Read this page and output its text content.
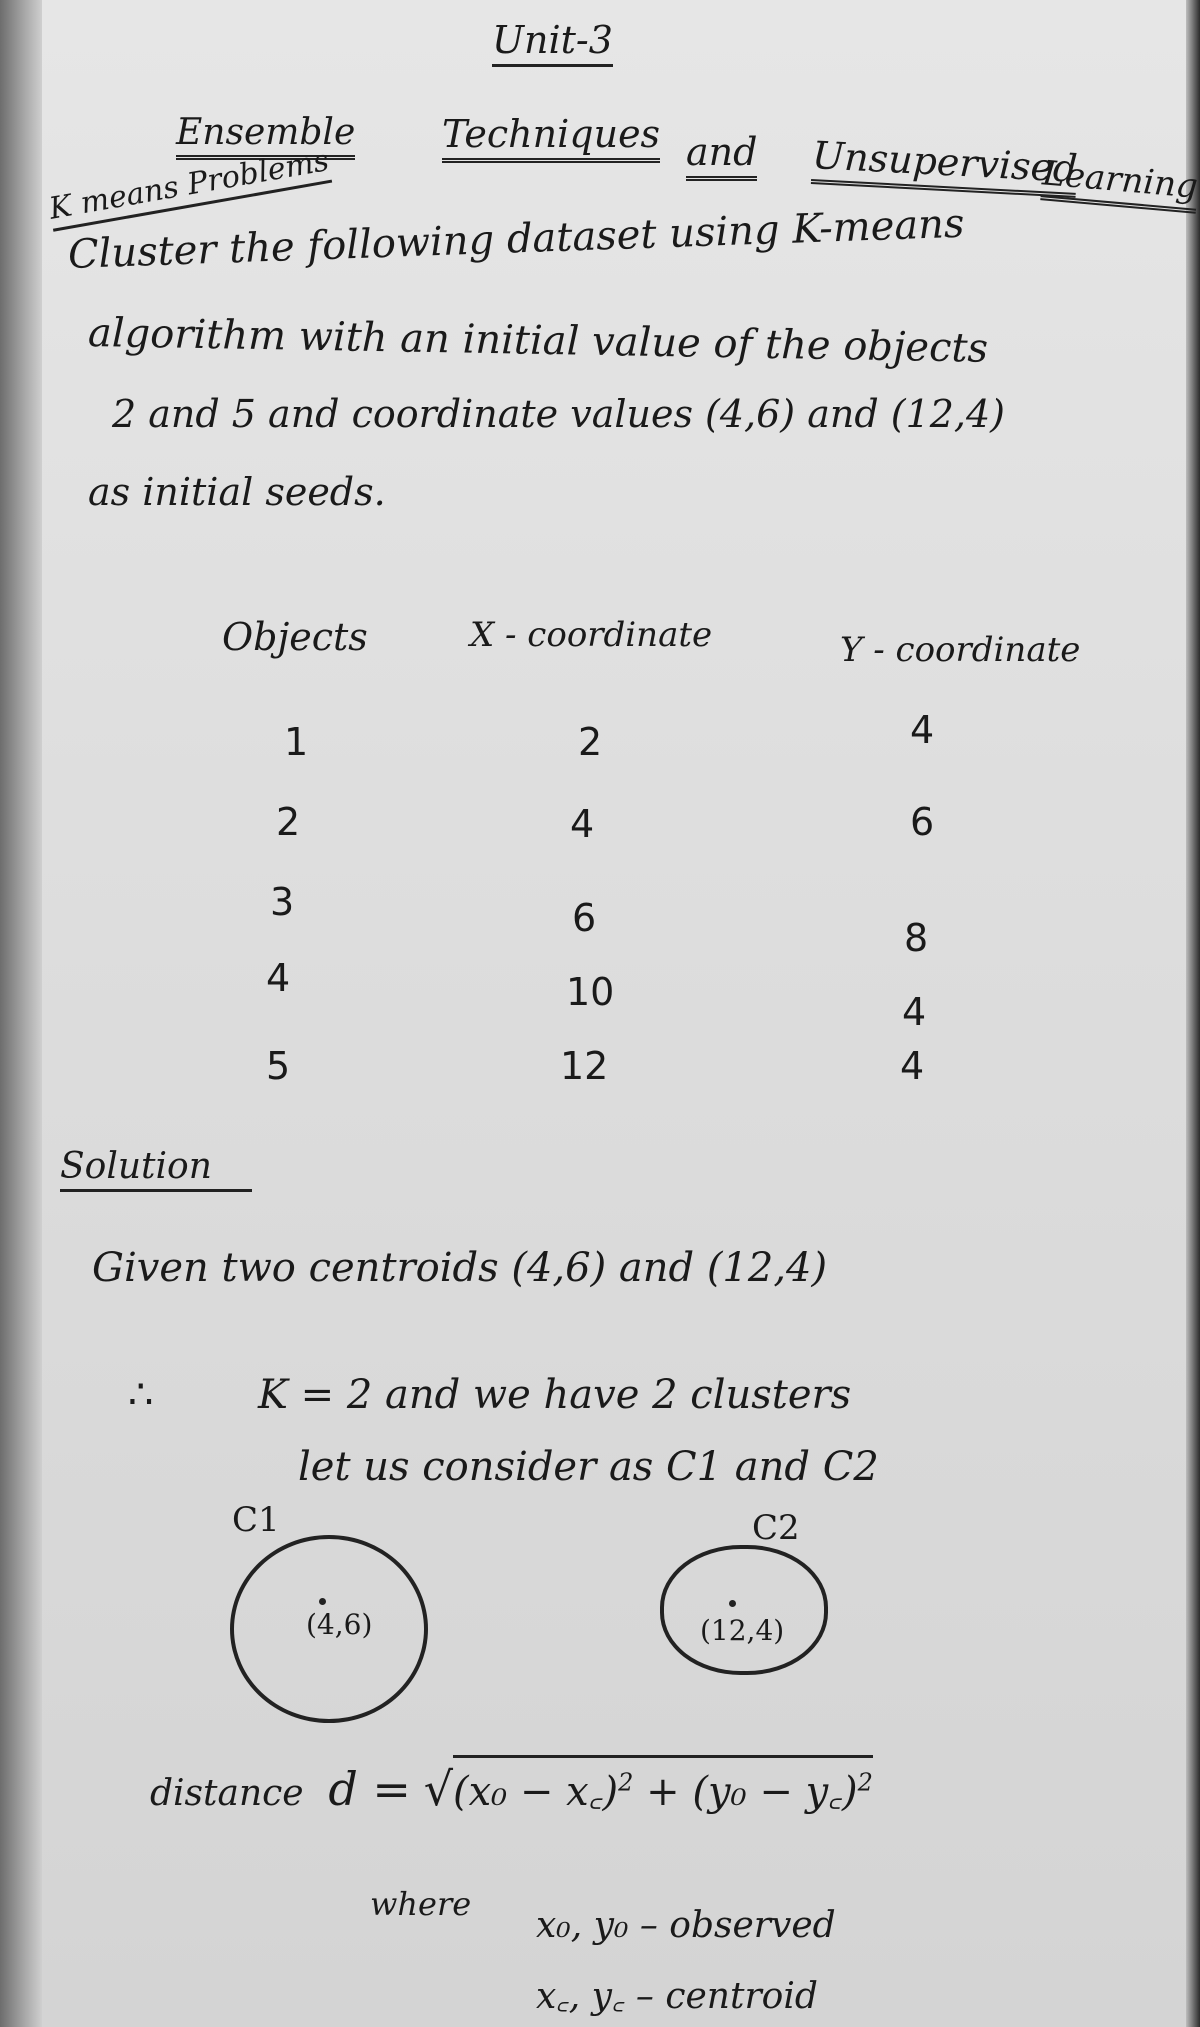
Unit-3
Ensemble Techniques and Unsupervised
Learning
K means Problems
Cluster the following dataset using K-means
algorithm with an initial value of the objects
2 and 5 and coordinate values (4,6) and (12,4)
as initial seeds.
Objects	X - coordinate	Y - coordinate
1	2	4
2	4	6
3	6	8
4	10	4
5	12	4
Solution
Given two centroids (4,6) and (12,4)
∴	K = 2 and we have 2 clusters
let us consider as C1 and C2
C1
(4,6)
C2
(12,4)
distance d = √(x₀ − x꜀)$^2$ + (y₀ − y꜀)$^2$
where
x₀, y₀ – observed
x꜀, y꜀ – centroid
